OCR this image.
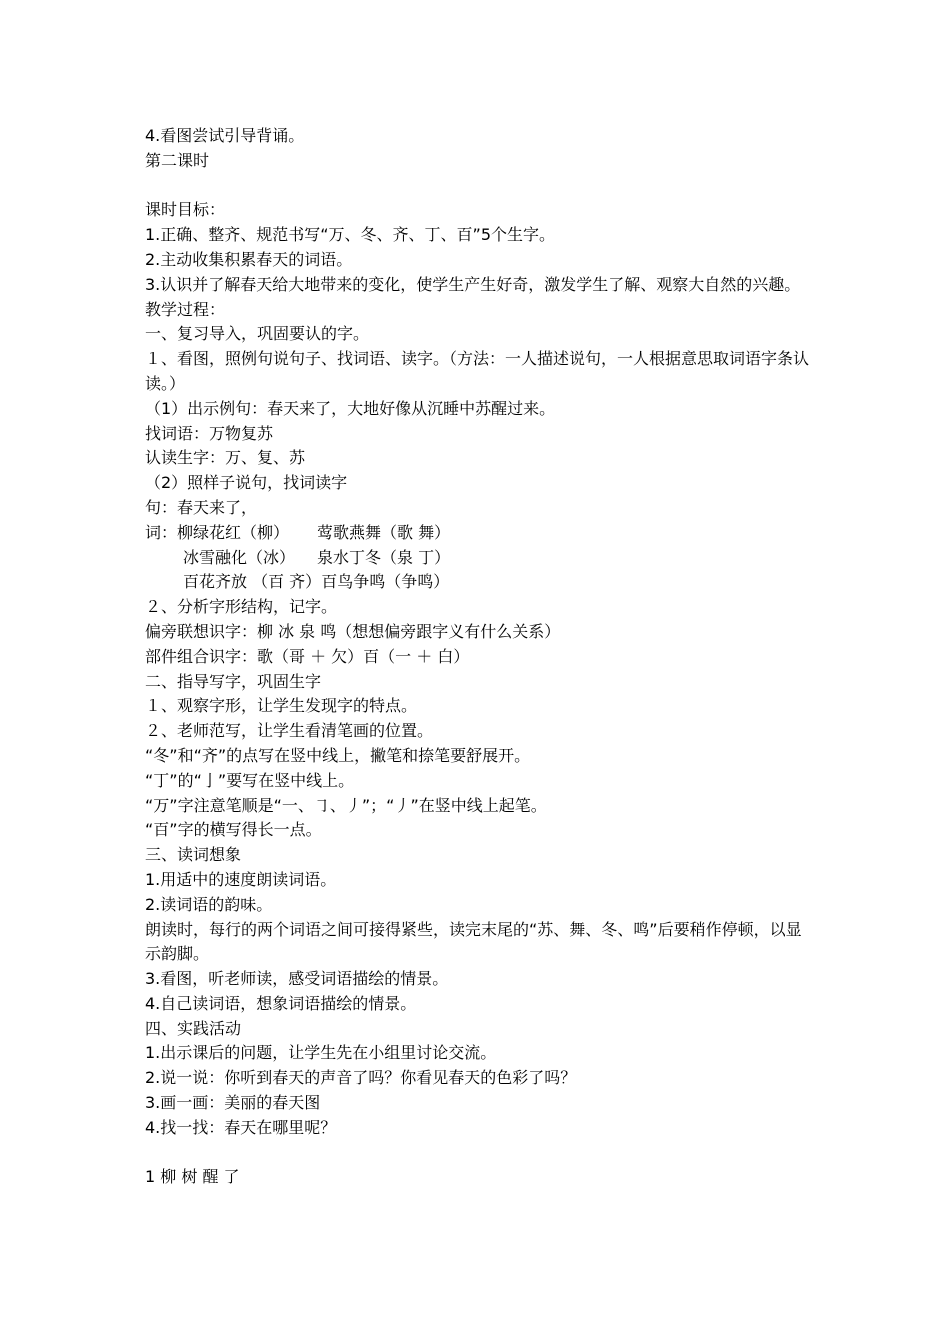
4.看图尝试引导背诵。
第二课时
课时目标：
1.正确、整齐、规范书写“万、冬、齐、丁、百”5个生字。
2.主动收集积累春天的词语。
3.认识并了解春天给大地带来的变化，使学生产生好奇，激发学生了解、观察大自然的兴趣。
教学过程：
一、复习导入，巩固要认的字。
１、看图，照例句说句子、找词语、读字。（方法：一人描述说句，一人根据意思取词语字条认读。）
（1）出示例句：春天来了，大地好像从沉睡中苏醒过来。
找词语：万物复苏
认读生字：万、复、苏
（2）照样子说句，找词读字
句：春天来了，
词：柳绿花红（柳） 莺歌燕舞（歌 舞）
冰雪融化（冰） 泉水丁冬（泉 丁）
百花齐放 （百 齐）百鸟争鸣（争鸣）
２、分析字形结构，记字。
偏旁联想识字：柳 冰 泉 鸣（想想偏旁跟字义有什么关系）
部件组合识字：歌（哥 ＋ 欠）百（一 ＋ 白）
二、指导写字，巩固生字
１、观察字形，让学生发现字的特点。
２、老师范写，让学生看清笔画的位置。
“冬”和“齐”的点写在竖中线上，撇笔和捺笔要舒展开。
“丁”的“亅”要写在竖中线上。
“万”字注意笔顺是“一、㇆、丿”；“丿”在竖中线上起笔。
“百”字的横写得长一点。
三、读词想象
1.用适中的速度朗读词语。
2.读词语的韵味。
朗读时，每行的两个词语之间可接得紧些，读完末尾的“苏、舞、冬、鸣”后要稍作停顿，以显示韵脚。
3.看图，听老师读，感受词语描绘的情景。
4.自己读词语，想象词语描绘的情景。
四、实践活动
1.出示课后的问题，让学生先在小组里讨论交流。
2.说一说：你听到春天的声音了吗？你看见春天的色彩了吗？
3.画一画：美丽的春天图
4.找一找：春天在哪里呢？
1 柳 树 醒 了
